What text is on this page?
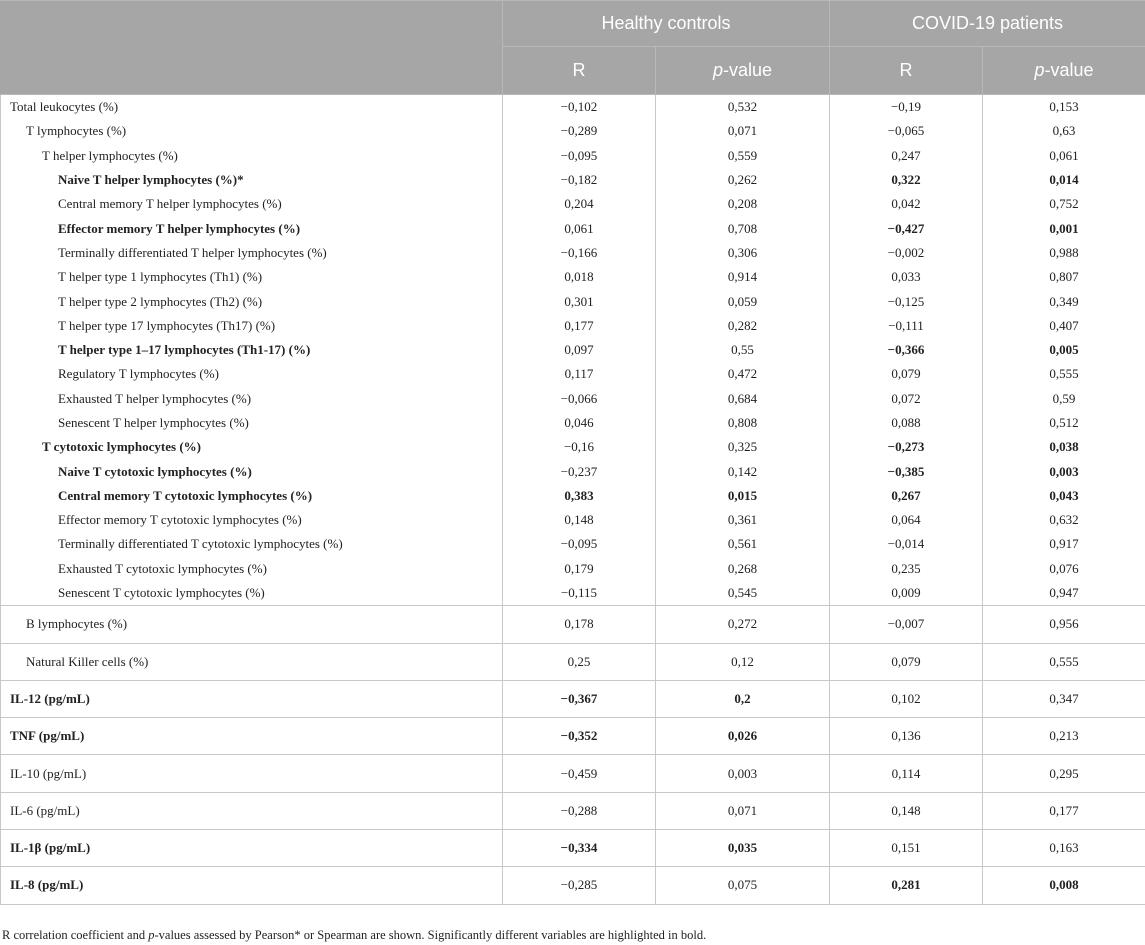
	Healthy controls		COVID-19 patients	
	R	p-value	R	p-value
Total leukocytes (%)	−0,102	0,532	−0,19	0,153
T lymphocytes (%)	−0,289	0,071	−0,065	0,63
T helper lymphocytes (%)	−0,095	0,559	0,247	0,061
Naive T helper lymphocytes (%)*	−0,182	0,262	0,322	0,014
Central memory T helper lymphocytes (%)	0,204	0,208	0,042	0,752
Effector memory T helper lymphocytes (%)	0,061	0,708	−0,427	0,001
Terminally differentiated T helper lymphocytes (%)	−0,166	0,306	−0,002	0,988
T helper type 1 lymphocytes (Th1) (%)	0,018	0,914	0,033	0,807
T helper type 2 lymphocytes (Th2) (%)	0,301	0,059	−0,125	0,349
T helper type 17 lymphocytes (Th17) (%)	0,177	0,282	−0,111	0,407
T helper type 1–17 lymphocytes (Th1-17) (%)	0,097	0,55	−0,366	0,005
Regulatory T lymphocytes (%)	0,117	0,472	0,079	0,555
Exhausted T helper lymphocytes (%)	−0,066	0,684	0,072	0,59
Senescent T helper lymphocytes (%)	0,046	0,808	0,088	0,512
T cytotoxic lymphocytes (%)	−0,16	0,325	−0,273	0,038
Naive T cytotoxic lymphocytes (%)	−0,237	0,142	−0,385	0,003
Central memory T cytotoxic lymphocytes (%)	0,383	0,015	0,267	0,043
Effector memory T cytotoxic lymphocytes (%)	0,148	0,361	0,064	0,632
Terminally differentiated T cytotoxic lymphocytes (%)	−0,095	0,561	−0,014	0,917
Exhausted T cytotoxic lymphocytes (%)	0,179	0,268	0,235	0,076
Senescent T cytotoxic lymphocytes (%)	−0,115	0,545	0,009	0,947
B lymphocytes (%)	0,178	0,272	−0,007	0,956
Natural Killer cells (%)	0,25	0,12	0,079	0,555
IL-12 (pg/mL)	−0,367	0,2	0,102	0,347
TNF (pg/mL)	−0,352	0,026	0,136	0,213
IL-10 (pg/mL)	−0,459	0,003	0,114	0,295
IL-6 (pg/mL)	−0,288	0,071	0,148	0,177
IL-1β (pg/mL)	−0,334	0,035	0,151	0,163
IL-8 (pg/mL)	−0,285	0,075	0,281	0,008
R correlation coefficient and p-values assessed by Pearson* or Spearman are shown. Significantly different variables are highlighted in bold.
